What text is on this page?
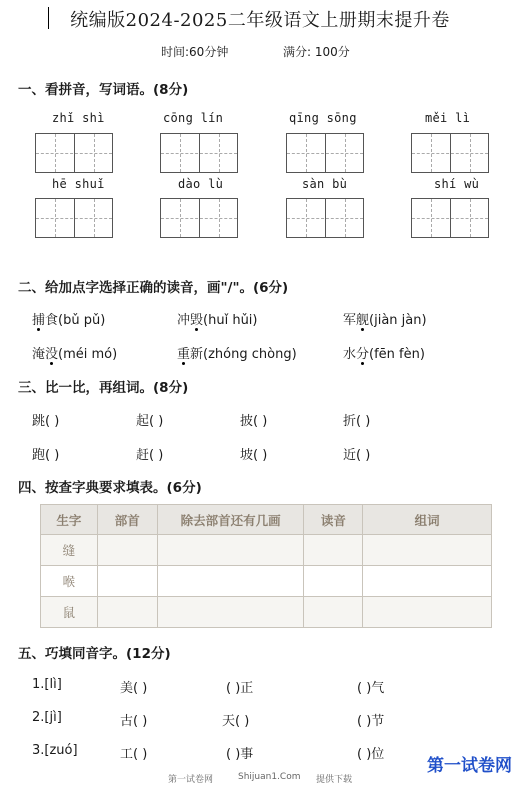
统编版2024-2025二年级语文上册期末提升卷
时间:60分钟	满分: 100分
一、看拼音，写词语。(8分)
zhǐ shì	cōng lín	qīng sōng	měi lì
hē shuǐ	dào lù	sàn bù	shí wù
二、给加点字选择正确的读音，画"/"。(6分)
捕食(bǔ pǔ)	冲毁(huǐ hǔi)	军舰(jiàn jàn)
淹没(méi mó)	重新(zhóng chòng)	水分(fēn fèn)
三、比一比，再组词。(8分)
跳( )	起( )	披( )	折( )
跑( )	赶( )	坡( )	近( )
四、按查字典要求填表。(6分)
生字	部首	除去部首还有几画	读音	组词
缝				
喉				
鼠				
五、巧填同音字。(12分)
1.[lì]	美( )	( )正	( )气
2.[jì]	古( )	天( )	( )节
3.[zuó]	工( )	( )事	( )位
第一试卷网	Shijuan1.Com 提供下载
第一试卷网
